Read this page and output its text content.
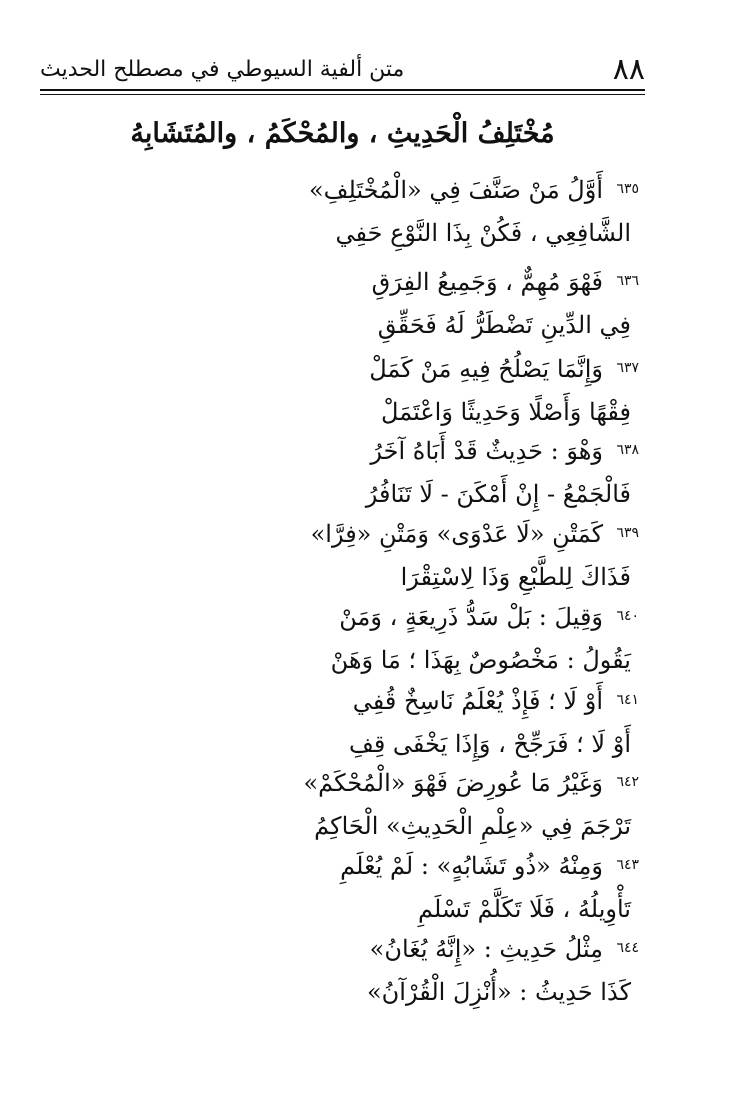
٨٨
متن ألفية السيوطي في مصطلح الحديث
مُخْتَلِفُ الْحَدِيثِ ، والمُحْكَمُ ، والمُتَشَابِهُ
٦٣٥
أَوَّلُ مَنْ صَنَّفَ فِي «الْمُخْتَلِفِ»
الشَّافِعِي ، فَكُنْ بِذَا النَّوْعِ حَفِي
٦٣٦
فَهْوَ مُهِمٌّ ، وَجَمِيعُ الفِرَقِ
فِي الدِّينِ تَضْطَرُّ لَهُ فَحَقِّقِ
٦٣٧
وَإِنَّمَا يَصْلُحُ فِيهِ مَنْ كَمَلْ
فِقْهًا وَأَصْلًا وَحَدِيثًا وَاعْتَمَلْ
٦٣٨
وَهْوَ : حَدِيثٌ قَدْ أَبَاهُ آخَرُ
فَالْجَمْعُ - إِنْ أَمْكَنَ - لَا تَنَافُرُ
٦٣٩
كَمَتْنِ «لَا عَدْوَى» وَمَتْنِ «فِرَّا»
فَذَاكَ لِلطَّبْعِ وَذَا لِاسْتِقْرَا
٦٤٠
وَقِيلَ : بَلْ سَدُّ ذَرِيعَةٍ ، وَمَنْ
يَقُولُ : مَخْصُوصٌ بِهَذَا ؛ مَا وَهَنْ
٦٤١
أَوْ لَا ؛ فَإِذْ يُعْلَمُ نَاسِخٌ قُفِي
أَوْ لَا ؛ فَرَجِّحْ ، وَإِذَا يَخْفَى قِفِ
٦٤٢
وَغَيْرُ مَا عُورِضَ فَهْوَ «الْمُحْكَمْ»
تَرْجَمَ فِي «عِلْمِ الْحَدِيثِ» الْحَاكِمُ
٦٤٣
وَمِنْهُ «ذُو تَشَابُهٍ» : لَمْ يُعْلَمِ
تَأْوِيلُهُ ، فَلَا تَكَلَّمْ تَسْلَمِ
٦٤٤
مِثْلُ حَدِيثِ : «إِنَّهُ يُغَانُ»
كَذَا حَدِيثُ : «أُنْزِلَ الْقُرْآنُ»
